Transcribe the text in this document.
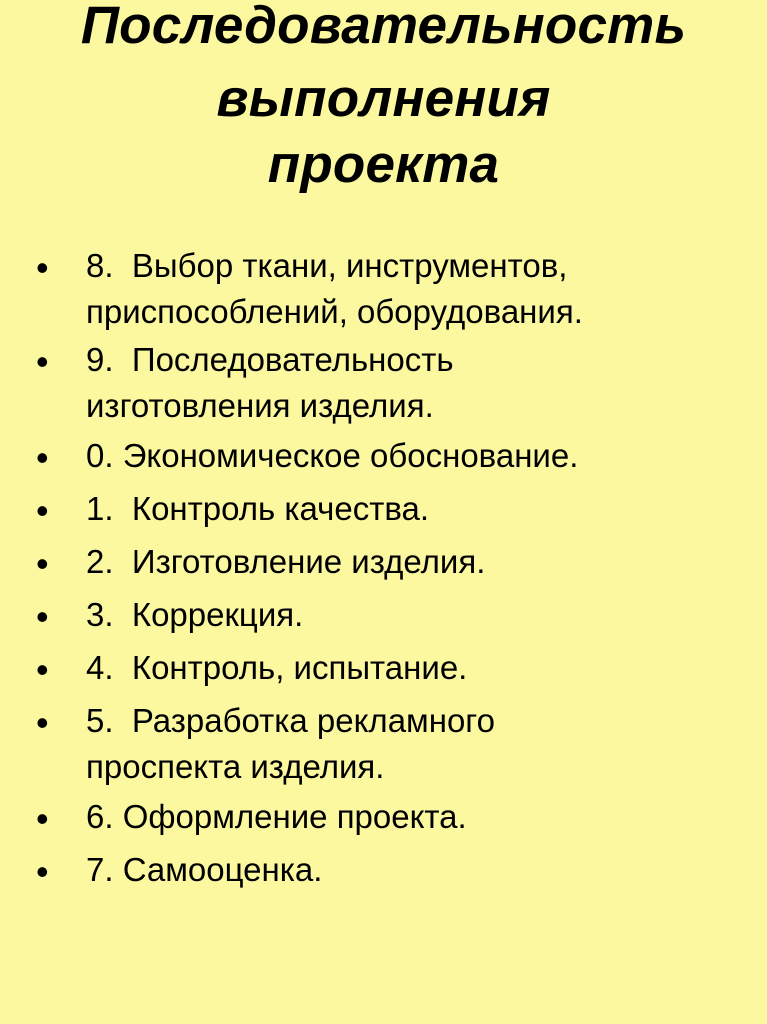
Последовательность
выполнения
проекта
• 8.  Выбор ткани, инструментов,
приспособлений, оборудования.
• 9.  Последовательность
изготовления изделия.
• 0. Экономическое обоснование.
• 1.  Контроль качества.
• 2.  Изготовление изделия.
• 3.  Коррекция.
• 4.  Контроль, испытание.
• 5.  Разработка рекламного
проспекта изделия.
• 6. Оформление проекта.
• 7. Самооценка.
